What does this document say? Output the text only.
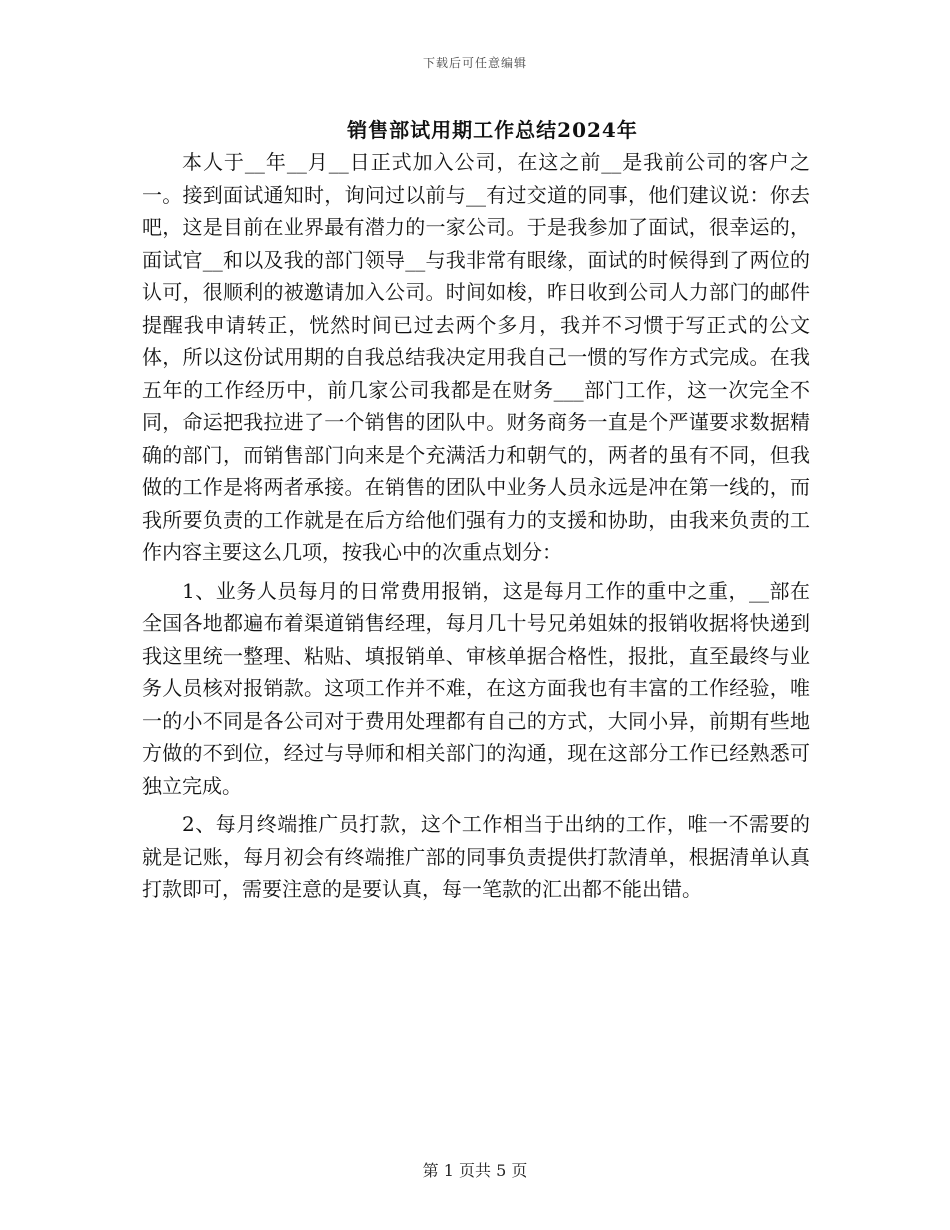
下载后可任意编辑
销售部试用期工作总结2024年

本人于__年__月__日正式加入公司，在这之前__是我前公司的客户之一。接到面试通知时，询问过以前与__有过交道的同事，他们建议说：你去吧，这是目前在业界最有潜力的一家公司。于是我参加了面试，很幸运的，面试官__和以及我的部门领导__与我非常有眼缘，面试的时候得到了两位的认可，很顺利的被邀请加入公司。时间如梭，昨日收到公司人力部门的邮件提醒我申请转正，恍然时间已过去两个多月，我并不习惯于写正式的公文体，所以这份试用期的自我总结我决定用我自己一惯的写作方式完成。在我五年的工作经历中，前几家公司我都是在财务___部门工作，这一次完全不同，命运把我拉进了一个销售的团队中。财务商务一直是个严谨要求数据精确的部门，而销售部门向来是个充满活力和朝气的，两者的虽有不同，但我做的工作是将两者承接。在销售的团队中业务人员永远是冲在第一线的，而我所要负责的工作就是在后方给他们强有力的支援和协助，由我来负责的工作内容主要这么几项，按我心中的次重点划分：

1、业务人员每月的日常费用报销，这是每月工作的重中之重，__部在全国各地都遍布着渠道销售经理，每月几十号兄弟姐妹的报销收据将快递到我这里统一整理、粘贴、填报销单、审核单据合格性，报批，直至最终与业务人员核对报销款。这项工作并不难，在这方面我也有丰富的工作经验，唯一的小不同是各公司对于费用处理都有自己的方式，大同小异，前期有些地方做的不到位，经过与导师和相关部门的沟通，现在这部分工作已经熟悉可独立完成。

2、每月终端推广员打款，这个工作相当于出纳的工作，唯一不需要的就是记账，每月初会有终端推广部的同事负责提供打款清单，根据清单认真打款即可，需要注意的是要认真，每一笔款的汇出都不能出错。

第 1 页共 5 页
